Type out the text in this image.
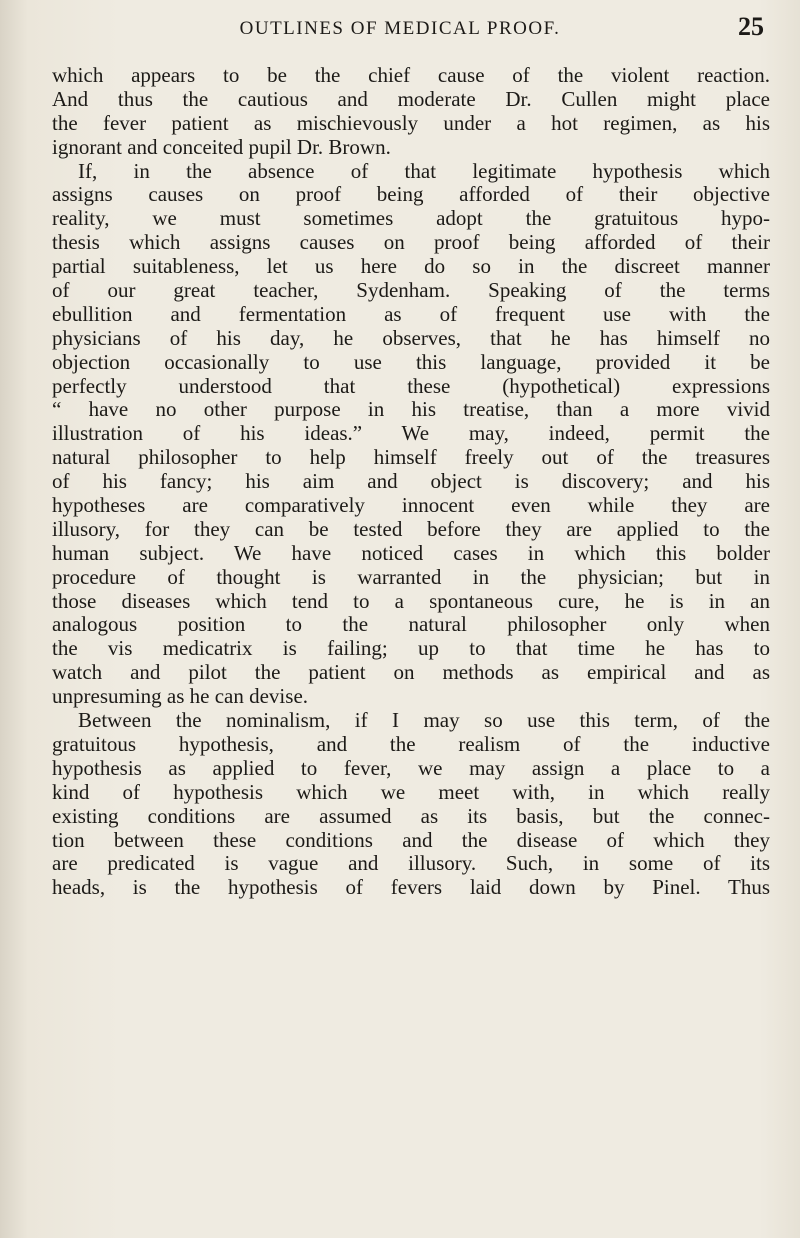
OUTLINES OF MEDICAL PROOF.	25
which appears to be the chief cause of the violent reaction.
And thus the cautious and moderate Dr. Cullen might place
the fever patient as mischievously under a hot regimen, as his
ignorant and conceited pupil Dr. Brown.
If, in the absence of that legitimate hypothesis which
assigns causes on proof being afforded of their objective
reality, we must sometimes adopt the gratuitous hypo-
thesis which assigns causes on proof being afforded of their
partial suitableness, let us here do so in the discreet manner
of our great teacher, Sydenham. Speaking of the terms
ebullition and fermentation as of frequent use with the
physicians of his day, he observes, that he has himself no
objection occasionally to use this language, provided it be
perfectly understood that these (hypothetical) expressions
“ have no other purpose in his treatise, than a more vivid
illustration of his ideas.” We may, indeed, permit the
natural philosopher to help himself freely out of the treasures
of his fancy; his aim and object is discovery; and his
hypotheses are comparatively innocent even while they are
illusory, for they can be tested before they are applied to the
human subject. We have noticed cases in which this bolder
procedure of thought is warranted in the physician; but in
those diseases which tend to a spontaneous cure, he is in an
analogous position to the natural philosopher only when
the vis medicatrix is failing; up to that time he has to
watch and pilot the patient on methods as empirical and as
unpresuming as he can devise.
Between the nominalism, if I may so use this term, of the
gratuitous hypothesis, and the realism of the inductive
hypothesis as applied to fever, we may assign a place to a
kind of hypothesis which we meet with, in which really
existing conditions are assumed as its basis, but the connec-
tion between these conditions and the disease of which they
are predicated is vague and illusory. Such, in some of its
heads, is the hypothesis of fevers laid down by Pinel. Thus
